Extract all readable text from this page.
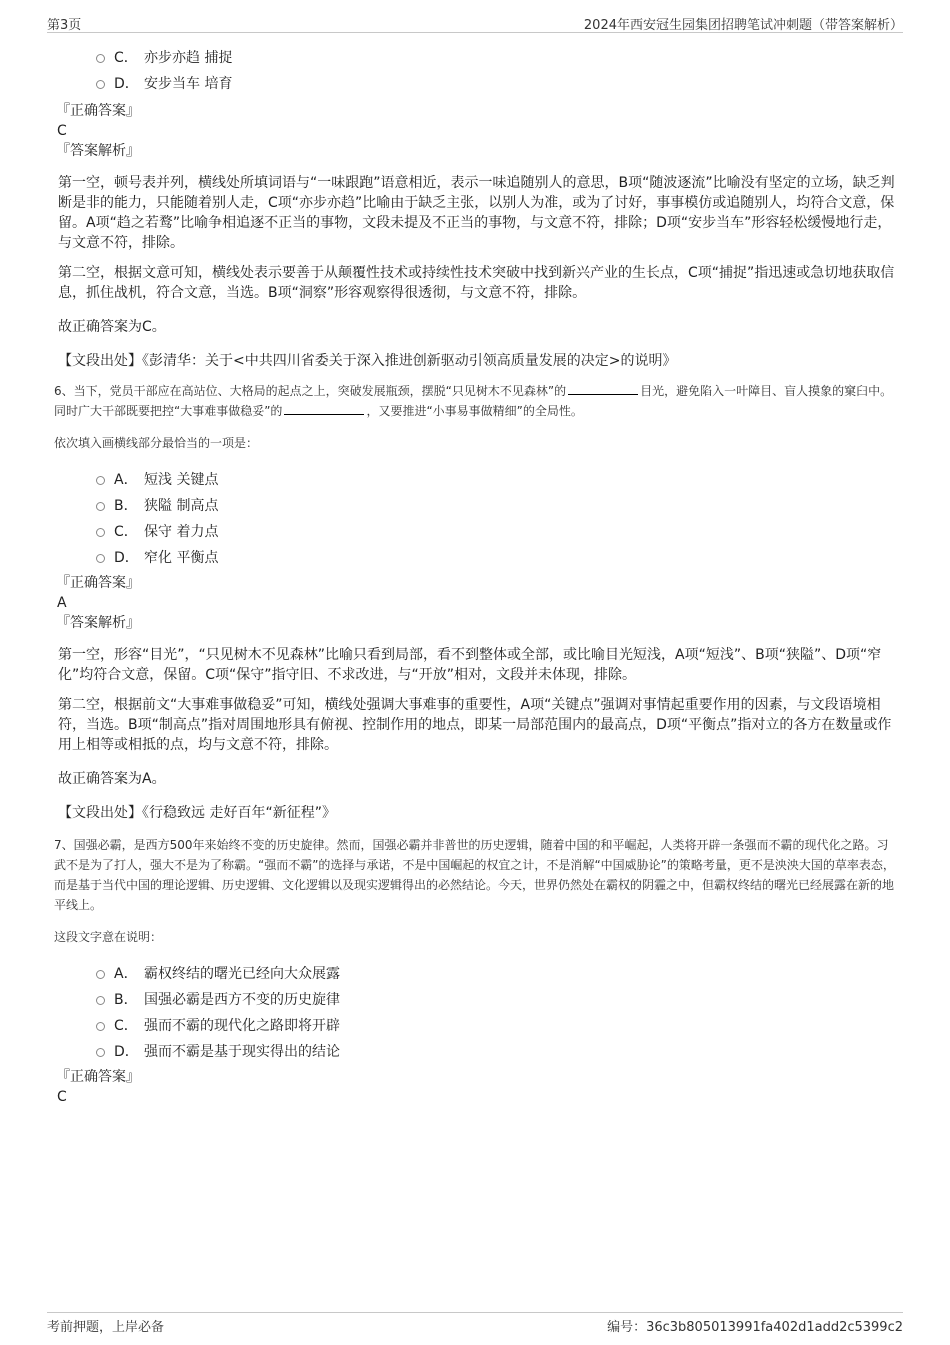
第3页	2024年西安冠生园集团招聘笔试冲刺题（带答案解析）
C． 亦步亦趋 捕捉
D． 安步当车 培育
『正确答案』
C
『答案解析』
第一空，顿号表并列，横线处所填词语与“一味跟跑”语意相近，表示一味追随别人的意思，B项“随波逐流”比喻没有坚定的立场，缺乏判断是非的能力，只能随着别人走，C项“亦步亦趋”比喻由于缺乏主张，以别人为准，或为了讨好，事事模仿或追随别人，均符合文意，保留。A项“趋之若鹜”比喻争相追逐不正当的事物，文段未提及不正当的事物，与文意不符，排除；D项“安步当车”形容轻松缓慢地行走，与文意不符，排除。
第二空，根据文意可知，横线处表示要善于从颠覆性技术或持续性技术突破中找到新兴产业的生长点，C项“捕捉”指迅速或急切地获取信息，抓住战机，符合文意，当选。B项“洞察”形容观察得很透彻，与文意不符，排除。
故正确答案为C。
【文段出处】《彭清华：关于<中共四川省委关于深入推进创新驱动引领高质量发展的决定>的说明》
6、当下，党员干部应在高站位、大格局的起点之上，突破发展瓶颈，摆脱“只见树木不见森林”的	目光，避免陷入一叶障目、盲人摸象的窠臼中。同时广大干部既要把控“大事难事做稳妥”的	，又要推进“小事易事做精细”的全局性。
依次填入画横线部分最恰当的一项是：
A． 短浅 关键点
B． 狭隘 制高点
C． 保守 着力点
D． 窄化 平衡点
『正确答案』
A
『答案解析』
第一空，形容“目光”，“只见树木不见森林”比喻只看到局部，看不到整体或全部，或比喻目光短浅，A项“短浅”、B项“狭隘”、D项“窄化”均符合文意，保留。C项“保守”指守旧、不求改进，与“开放”相对，文段并未体现，排除。
第二空，根据前文“大事难事做稳妥”可知，横线处强调大事难事的重要性，A项“关键点”强调对事情起重要作用的因素，与文段语境相符，当选。B项“制高点”指对周围地形具有俯视、控制作用的地点，即某一局部范围内的最高点，D项“平衡点”指对立的各方在数量或作用上相等或相抵的点，均与文意不符，排除。
故正确答案为A。
【文段出处】《行稳致远 走好百年“新征程”》
7、国强必霸，是西方500年来始终不变的历史旋律。然而，国强必霸并非普世的历史逻辑，随着中国的和平崛起，人类将开辟一条强而不霸的现代化之路。习武不是为了打人，强大不是为了称霸。“强而不霸”的选择与承诺，不是中国崛起的权宜之计，不是消解“中国威胁论”的策略考量，更不是泱泱大国的草率表态，而是基于当代中国的理论逻辑、历史逻辑、文化逻辑以及现实逻辑得出的必然结论。今天，世界仍然处在霸权的阴霾之中，但霸权终结的曙光已经展露在新的地平线上。
这段文字意在说明：
A． 霸权终结的曙光已经向大众展露
B． 国强必霸是西方不变的历史旋律
C． 强而不霸的现代化之路即将开辟
D． 强而不霸是基于现实得出的结论
『正确答案』
C
考前押题，上岸必备	编号：36c3b805013991fa402d1add2c5399c2
